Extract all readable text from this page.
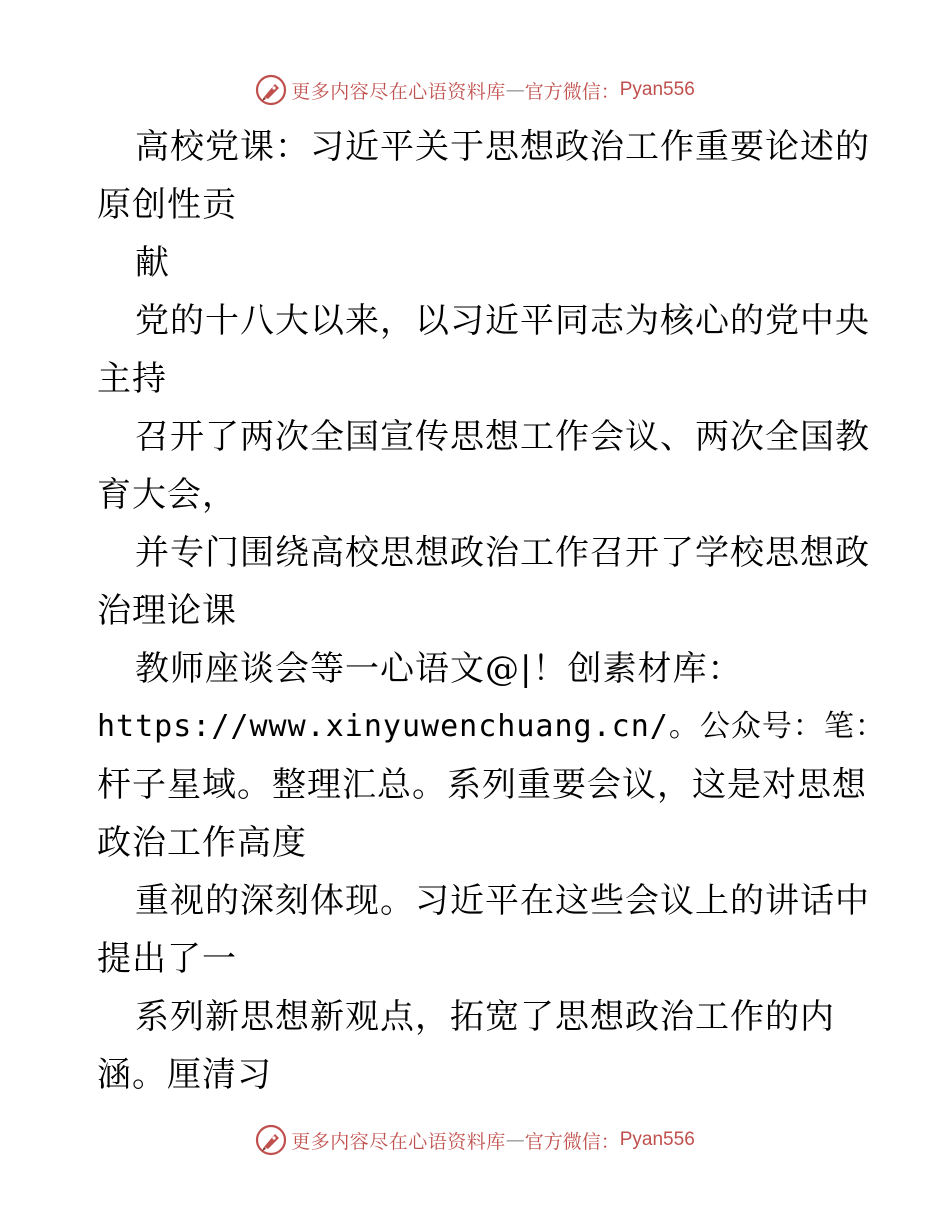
更多内容尽在心语资料库 — 官方微信： Pyan556
高校党课：习近平关于思想政治工作重要论述的
原创性贡
献
党的十八大以来，以习近平同志为核心的党中央
主持
召开了两次全国宣传思想工作会议、两次全国教
育大会，
并专门围绕高校思想政治工作召开了学校思想政
治理论课
教师座谈会等一心语文@|！创素材库：
https://www.xinyuwenchuang.cn/。公众号：笔：
杆子星域。整理汇总。系列重要会议，这是对思想
政治工作高度
重视的深刻体现。习近平在这些会议上的讲话中
提出了一
系列新思想新观点，拓宽了思想政治工作的内
涵。厘清习
更多内容尽在心语资料库 — 官方微信： Pyan556
